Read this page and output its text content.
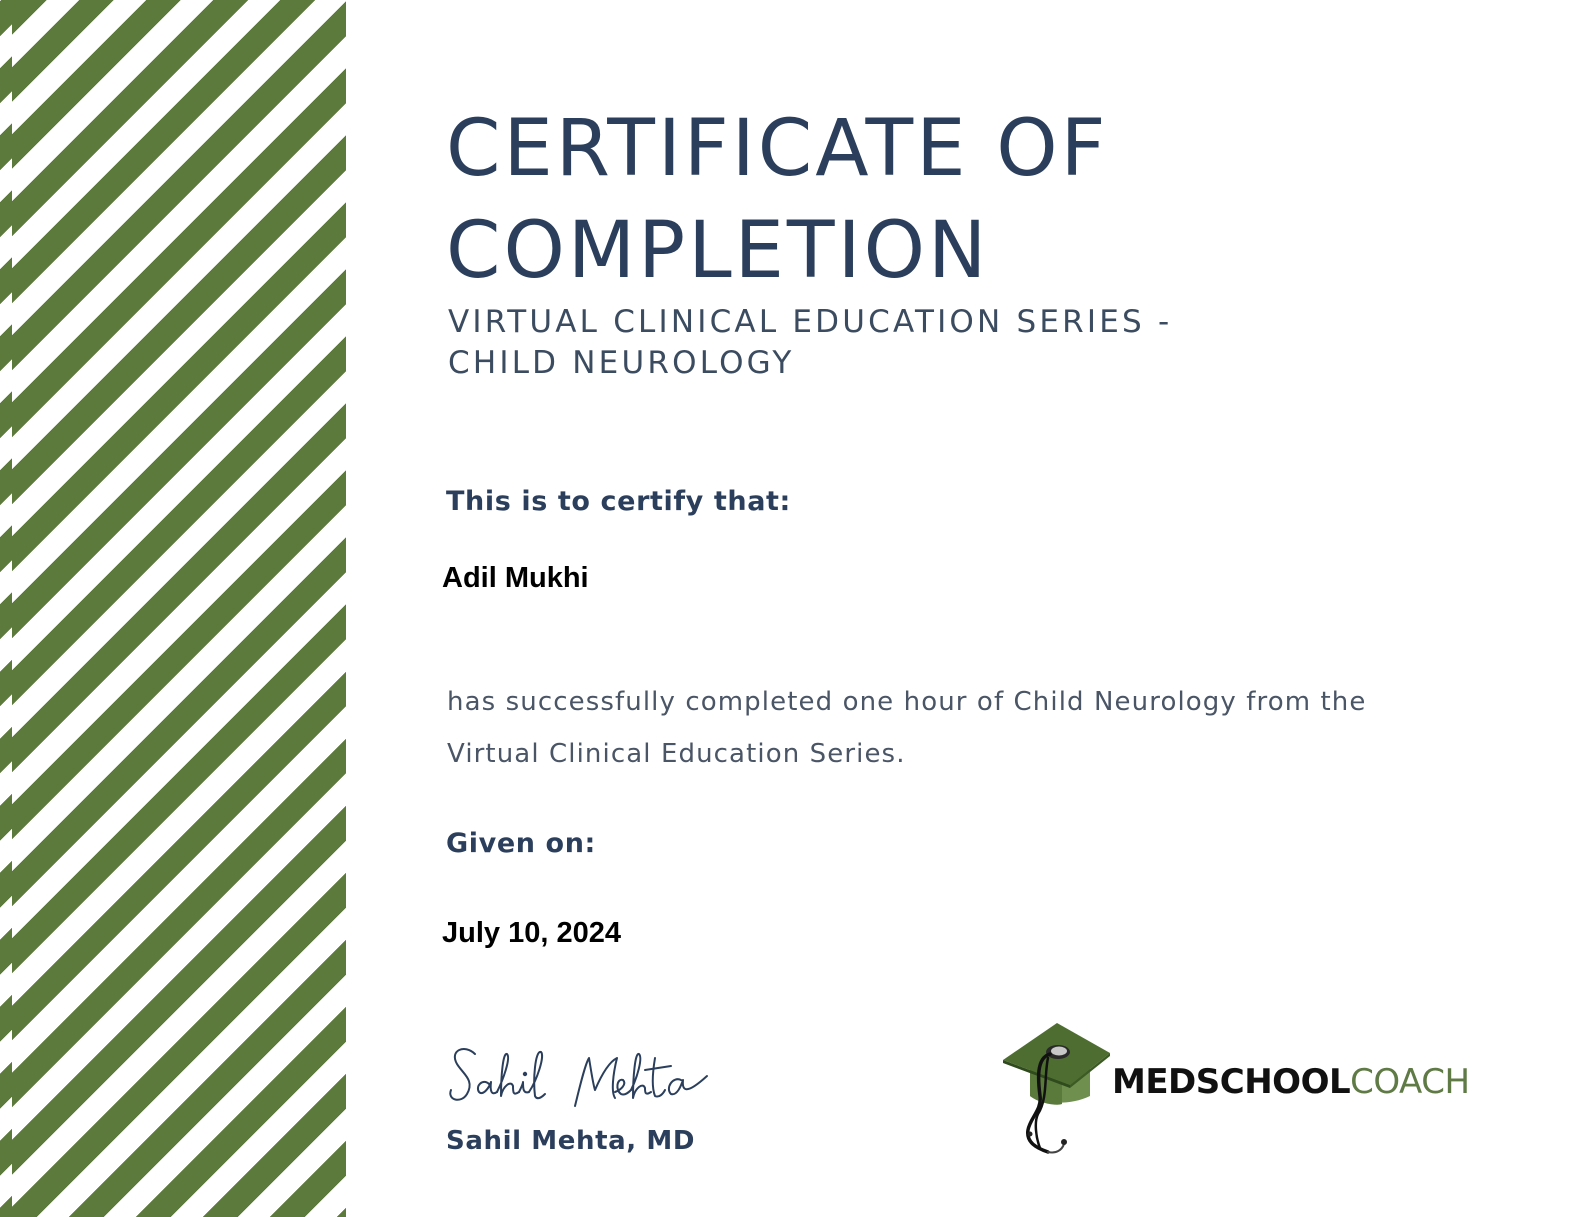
CERTIFICATE OF
COMPLETION
VIRTUAL CLINICAL EDUCATION SERIES -
CHILD NEUROLOGY

This is to certify that:

Adil Mukhi

has successfully completed one hour of Child Neurology from the
Virtual Clinical Education Series.

Given on:

July 10, 2024

Sahil Mehta, MD

MEDSCHOOLCOACH
